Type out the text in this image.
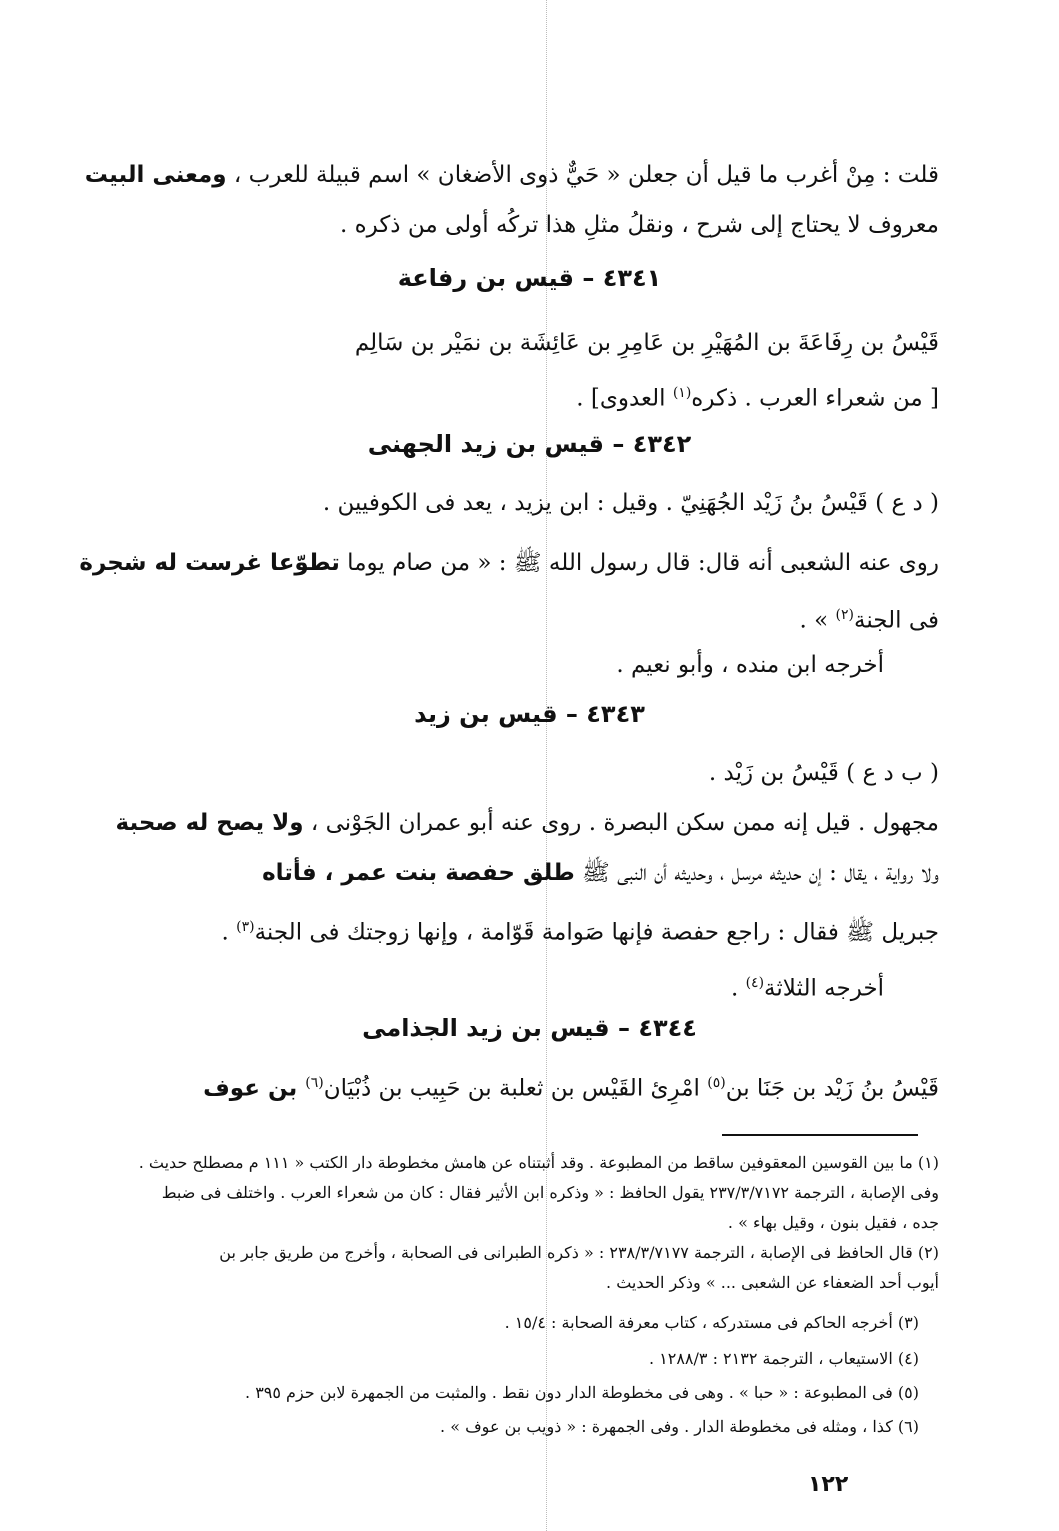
قلت : مِنْ أغرب ما قيل أن جعلن « حَيٌّ ذوى الأضغان » اسم قبيلة للعرب ، ومعنى البيت
معروف لا يحتاج إلى شرح ، ونقلُ مثلِ هذا تركُه أولى من ذكره .
٤٣٤١ – قيس بن رفاعة
قَيْسُ بن رِفَاعَةَ بن المُهَيْرِ بن عَامِرِ بن عَائِشَة بن نمَيْر بن سَالِم
[ من شعراء العرب . ذكره$^{(١)}$ العدوى] .
٤٣٤٢ – قيس بن زيد الجهنى
( د ع ) قَيْسُ بنُ زَيْد الجُهَنِيّ . وقيل : ابن يزيد ، يعد فى الكوفيين .
روى عنه الشعبى أنه قال: قال رسول الله ﷺ : « من صام يوما تطوّعا غرست له شجرة
فى الجنة$^{(٢)}$ » .
أخرجه ابن منده ، وأبو نعيم .
٤٣٤٣ – قيس بن زيد
( ب د ع ) قَيْسُ بن زَيْد .
مجهول . قيل إنه ممن سكن البصرة . روى عنه أبو عمران الجَوْنى ، ولا يصح له صحبة
ولا رواية ، يقال : إن حديثه مرسل ، وحديثه أن النبى ﷺ طلق حفصة بنت عمر ، فأتاه
جبريل ﷺ فقال : راجع حفصة فإنها صَوامة قَوّامة ، وإنها زوجتك فى الجنة$^{(٣)}$ .
أخرجه الثلاثة$^{(٤)}$ .
٤٣٤٤ – قيس بن زيد الجذامى
قَيْسُ بنُ زَيْد بن جَنَا بن$^{(٥)}$ امْرِئ القَيْس بن ثعلبة بن حَبِيب بن ذُبْيَان$^{(٦)}$ بن عوف
(١) ما بين القوسين المعقوفين ساقط من المطبوعة . وقد أثبتناه عن هامش مخطوطة دار الكتب « ١١١ م مصطلح حديث .
وفى الإصابة ، الترجمة ٢٣٧/٣/٧١٧٢ يقول الحافظ : « وذكره ابن الأثير فقال : كان من شعراء العرب . واختلف فى ضبط
جده ، فقيل بنون ، وقيل بهاء » .
(٢) قال الحافظ فى الإصابة ، الترجمة ٢٣٨/٣/٧١٧٧ : « ذكره الطبرانى فى الصحابة ، وأخرج من طريق جابر بن
أيوب أحد الضعفاء عن الشعبى ... » وذكر الحديث .
(٣) أخرجه الحاكم فى مستدركه ، كتاب معرفة الصحابة : ١٥/٤ .
(٤) الاستيعاب ، الترجمة ٢١٣٢ : ١٢٨٨/٣ .
(٥) فى المطبوعة : « حبا » . وهى فى مخطوطة الدار دون نقط . والمثبت من الجمهرة لابن حزم ٣٩٥ .
(٦) كذا ، ومثله فى مخطوطة الدار . وفى الجمهرة : « ذويب بن عوف » .
١٢٢
